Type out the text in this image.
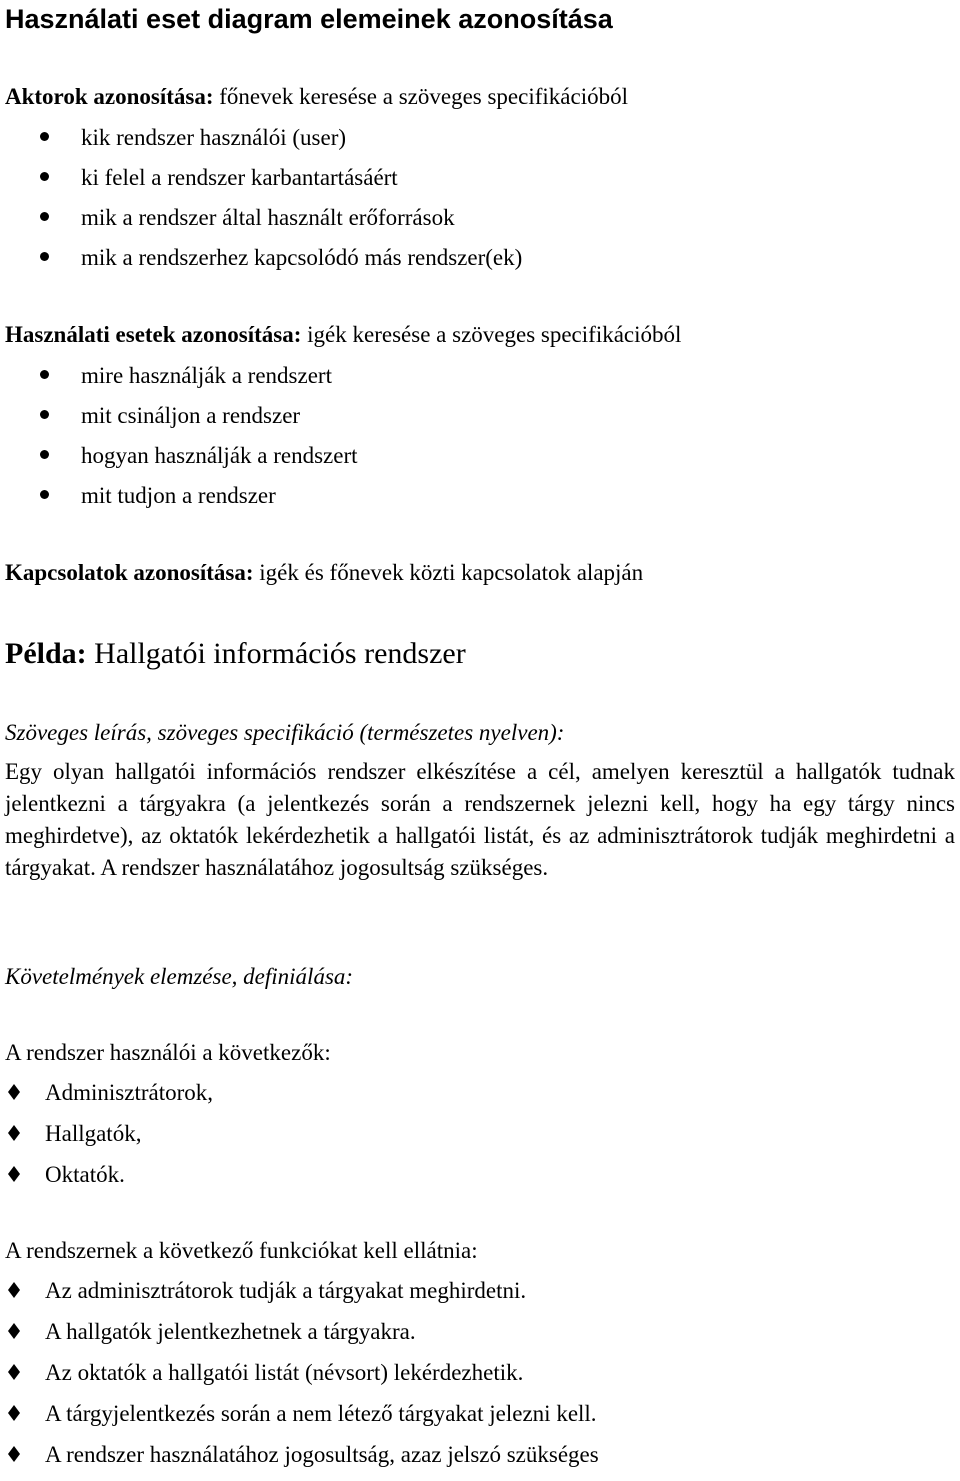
Használati eset diagram elemeinek azonosítása
Aktorok azonosítása: főnevek keresése a szöveges specifikációból
kik rendszer használói (user)
ki felel a rendszer karbantartásáért
mik a rendszer által használt erőforrások
mik a rendszerhez kapcsolódó más rendszer(ek)
Használati esetek azonosítása: igék keresése a szöveges specifikációból
mire használják a rendszert
mit csináljon a rendszer
hogyan használják a rendszert
mit tudjon a rendszer
Kapcsolatok azonosítása: igék és főnevek közti kapcsolatok alapján
Példa: Hallgatói információs rendszer
Szöveges leírás, szöveges specifikáció (természetes nyelven):
Egy olyan hallgatói információs rendszer elkészítése a cél, amelyen keresztül a hallgatók tudnak jelentkezni a tárgyakra (a jelentkezés során a rendszernek jelezni kell, hogy ha egy tárgy nincs meghirdetve), az oktatók lekérdezhetik a hallgatói listát, és az adminisztrátorok tudják meghirdetni a tárgyakat. A rendszer használatához jogosultság szükséges.
Követelmények elemzése, definiálása:
A rendszer használói a következők:
Adminisztrátorok,
Hallgatók,
Oktatók.
A rendszernek a következő funkciókat kell ellátnia:
Az adminisztrátorok tudják a tárgyakat meghirdetni.
A hallgatók jelentkezhetnek a tárgyakra.
Az oktatók a hallgatói listát (névsort) lekérdezhetik.
A tárgyjelentkezés során a nem létező tárgyakat jelezni kell.
A rendszer használatához jogosultság, azaz jelszó szükséges
